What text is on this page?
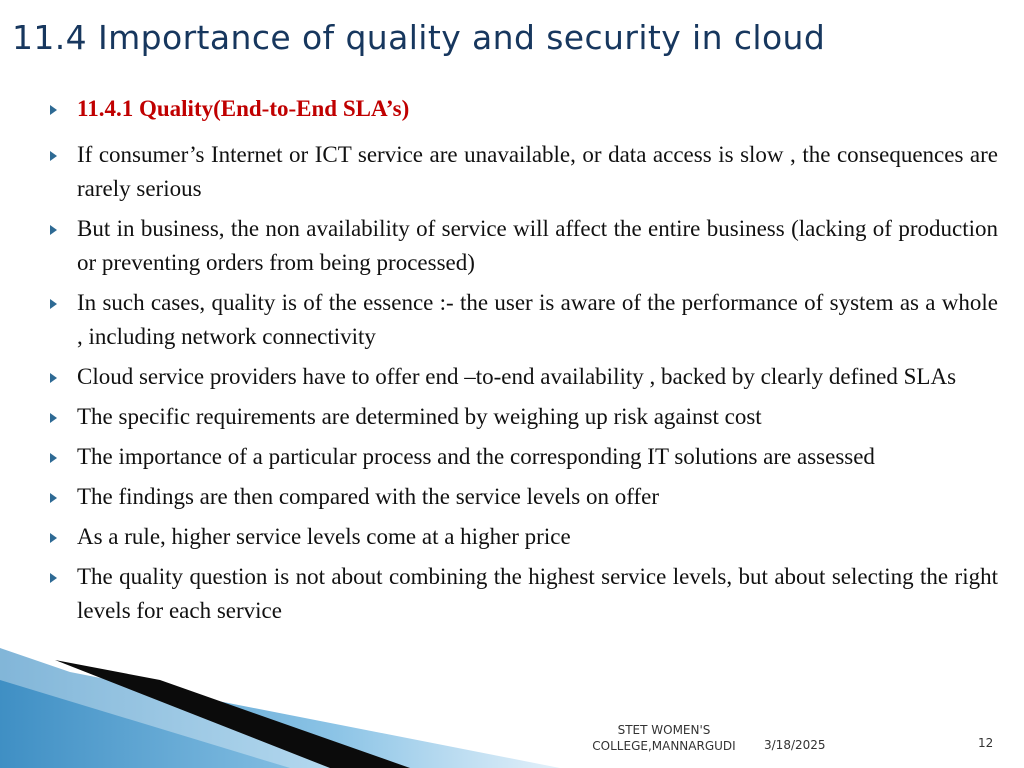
11.4 Importance of quality and security in cloud
11.4.1 Quality(End-to-End SLA’s)
If consumer’s Internet or ICT service are unavailable, or data access is slow , the consequences are rarely serious
But in business, the non availability of service will affect the entire business (lacking of production or preventing orders from being processed)
In such cases, quality is of the essence :- the user is aware of the performance of system as a whole , including network connectivity
Cloud service providers have to offer end –to-end availability , backed by clearly defined SLAs
The specific requirements are determined by weighing up risk against cost
The importance of a particular process and the corresponding IT solutions are assessed
The findings are then compared with the service levels on offer
As a rule, higher service levels come at a higher price
The quality question is not about combining the highest service levels, but about selecting the right levels for each service
STET WOMEN'S
COLLEGE,MANNARGUDI	3/18/2025	12
